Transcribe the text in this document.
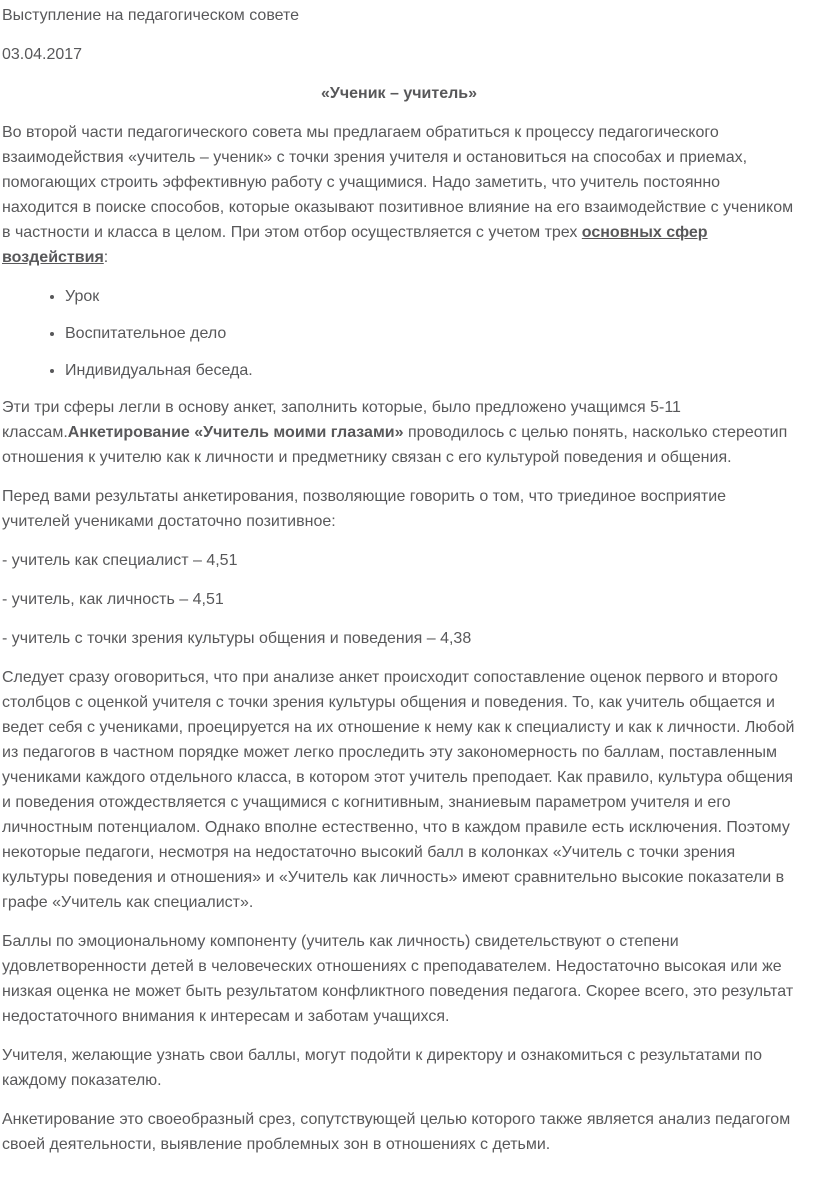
Выступление на педагогическом совете

03.04.2017

«Ученик – учитель»

Во второй части педагогического совета мы предлагаем обратиться к процессу педагогического взаимодействия «учитель – ученик» с точки зрения учителя и остановиться на способах и приемах, помогающих строить эффективную работу с учащимися. Надо заметить, что учитель постоянно находится в поиске способов, которые оказывают позитивное влияние на его взаимодействие с учеником в частности и класса в целом. При этом отбор осуществляется с учетом трех основных сфер воздействия:

• Урок
• Воспитательное дело
• Индивидуальная беседа.

Эти три сферы легли в основу анкет, заполнить которые, было предложено учащимся 5-11 классам.Анкетирование «Учитель моими глазами» проводилось с целью понять, насколько стереотип отношения к учителю как к личности и предметнику связан с его культурой поведения и общения.

Перед вами результаты анкетирования, позволяющие говорить о том, что триединое восприятие учителей учениками достаточно позитивное:

- учитель как специалист – 4,51

- учитель, как личность – 4,51

- учитель с точки зрения культуры общения и поведения – 4,38

Следует сразу оговориться, что при анализе анкет происходит сопоставление оценок первого и второго столбцов с оценкой учителя с точки зрения культуры общения и поведения. То, как учитель общается и ведет себя с учениками, проецируется на их отношение к нему как к специалисту и как к личности. Любой из педагогов в частном порядке может легко проследить эту закономерность по баллам, поставленным учениками каждого отдельного класса, в котором этот учитель преподает. Как правило, культура общения и поведения отождествляется с учащимися с когнитивным, знаниевым параметром учителя и его личностным потенциалом. Однако вполне естественно, что в каждом правиле есть исключения. Поэтому некоторые педагоги, несмотря на недостаточно высокий балл в колонках «Учитель с точки зрения культуры поведения и отношения» и «Учитель как личность» имеют сравнительно высокие показатели в графе «Учитель как специалист».

Баллы по эмоциональному компоненту (учитель как личность) свидетельствуют о степени удовлетворенности детей в человеческих отношениях с преподавателем. Недостаточно высокая или же низкая оценка не может быть результатом конфликтного поведения педагога. Скорее всего, это результат недостаточного внимания к интересам и заботам учащихся.

Учителя, желающие узнать свои баллы, могут подойти к директору и ознакомиться с результатами по каждому показателю.

Анкетирование это своеобразный срез, сопутствующей целью которого также является анализ педагогом своей деятельности, выявление проблемных зон в отношениях с детьми.
